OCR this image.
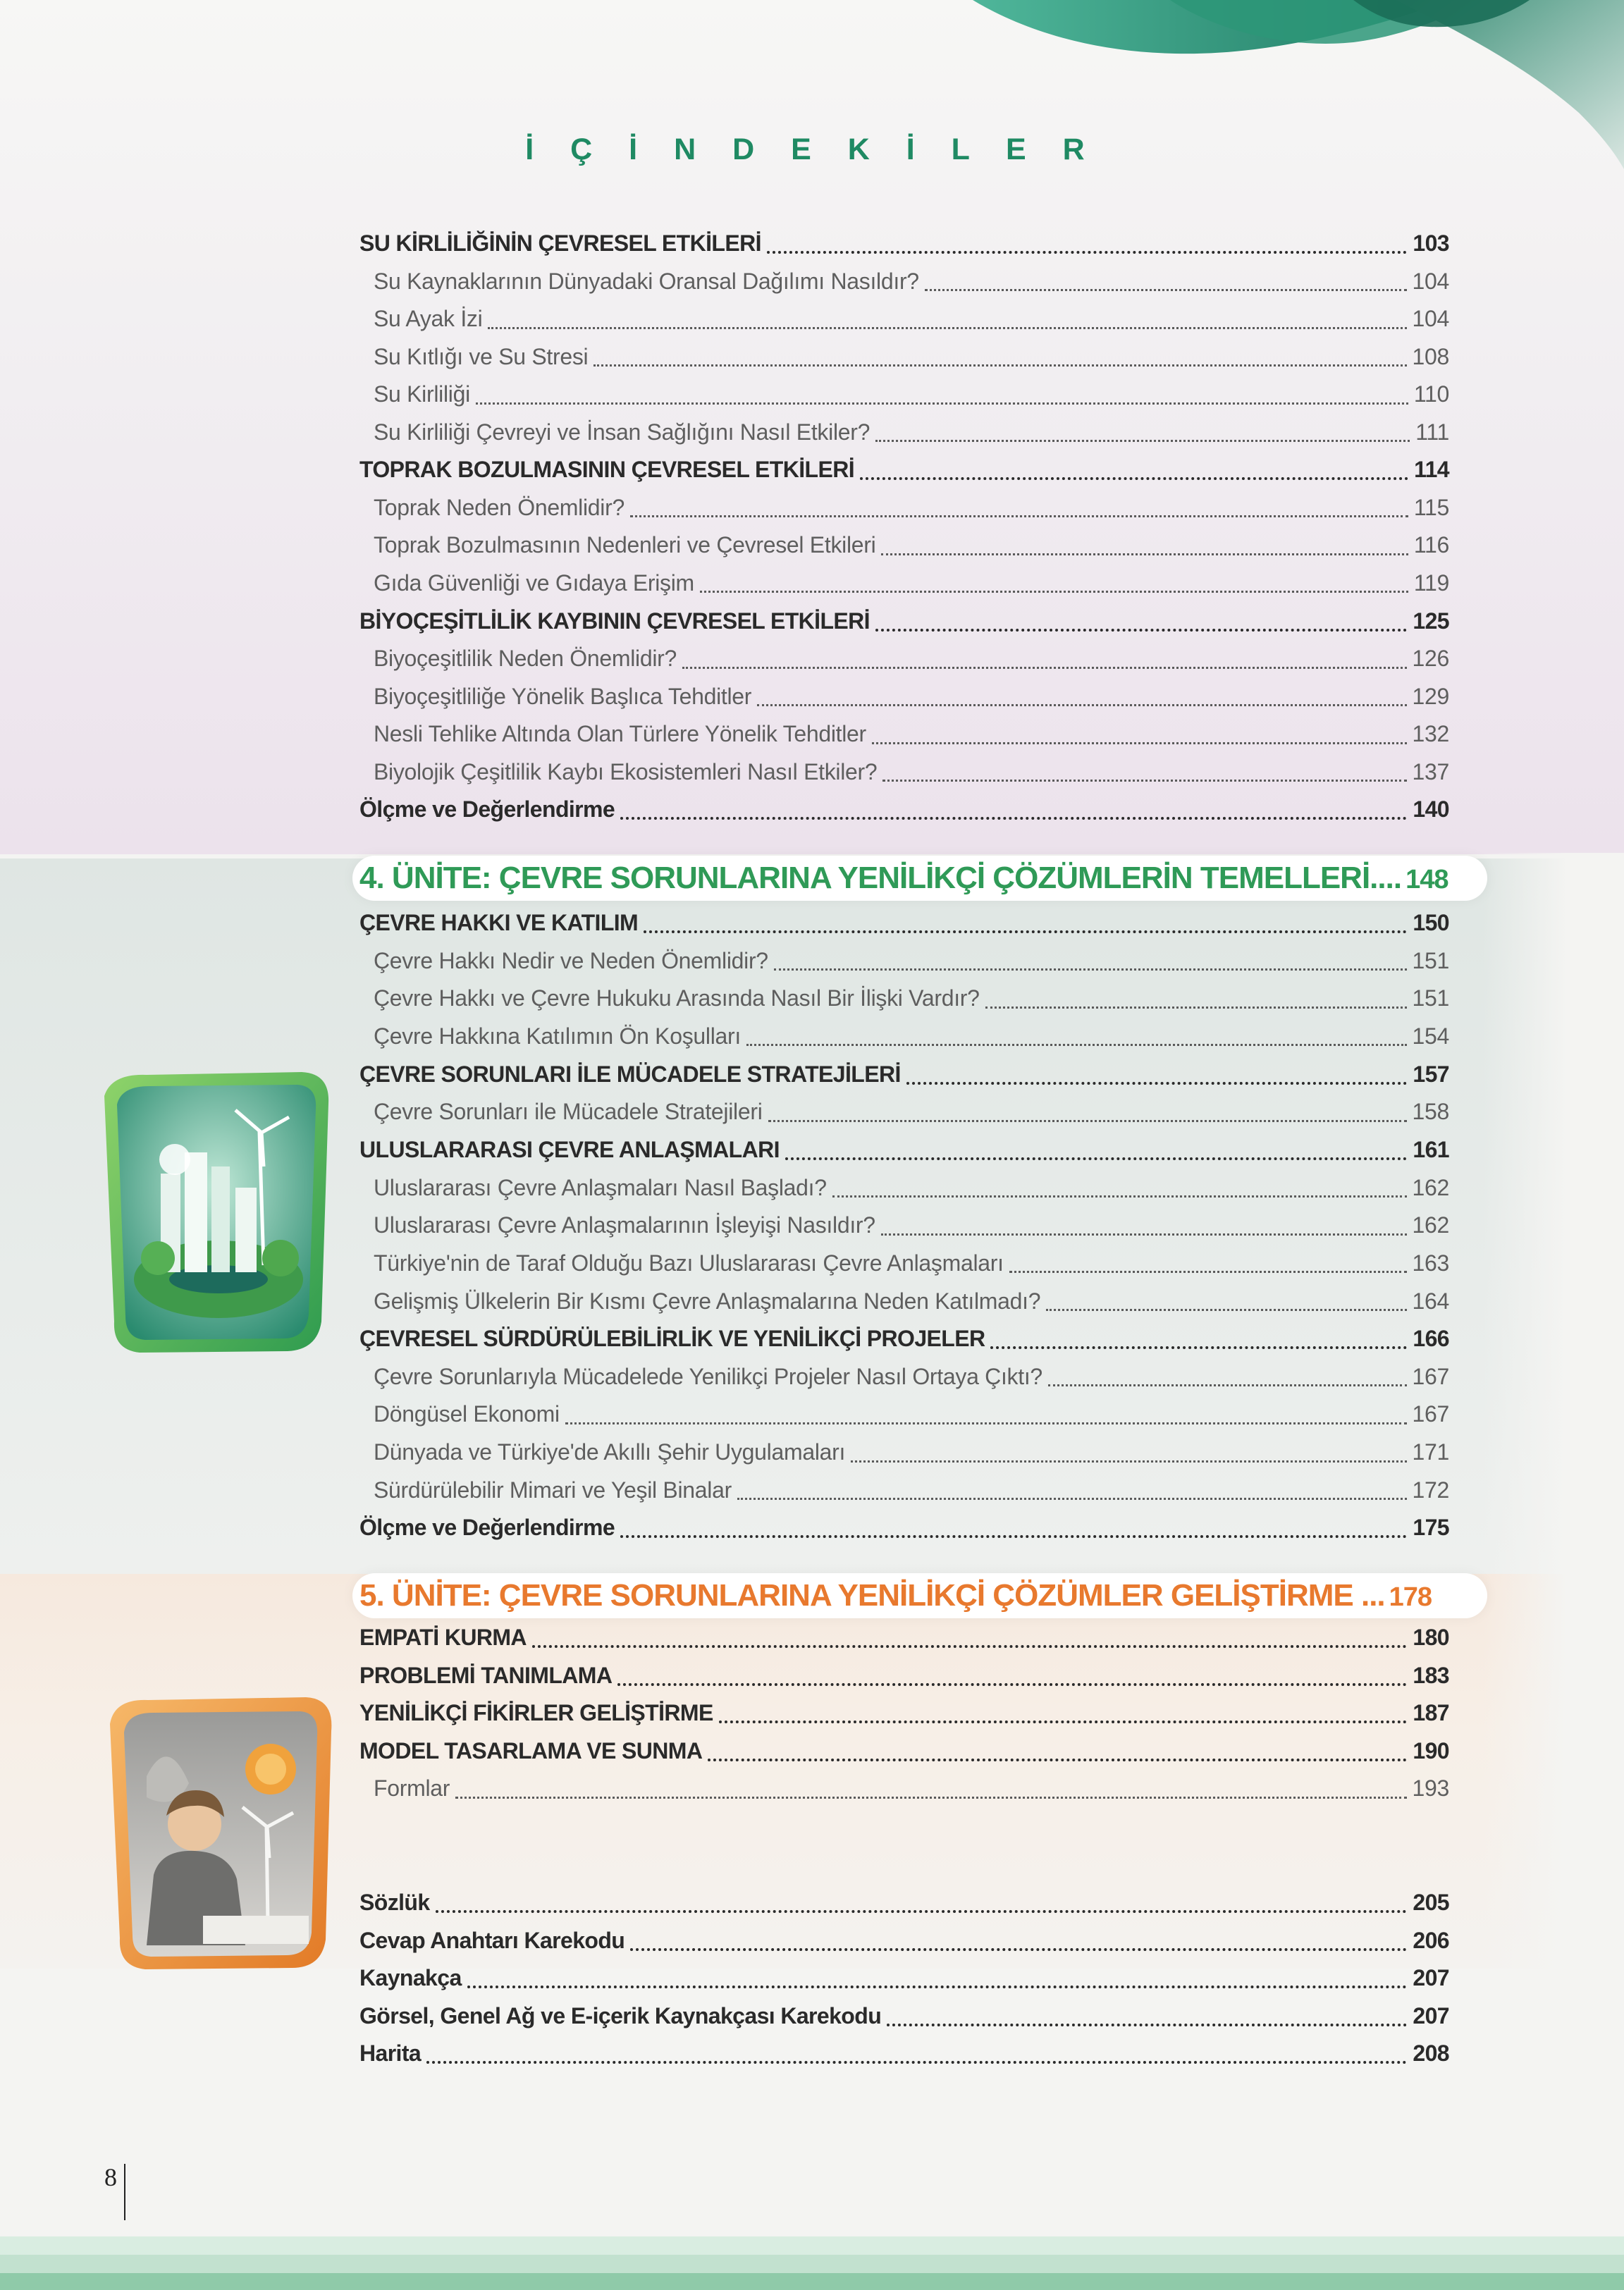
İ Ç İ N D E K İ L E R
SU KİRLİLİĞİNİN ÇEVRESEL ETKİLERİ	103
Su Kaynaklarının Dünyadaki Oransal Dağılımı Nasıldır?	104
Su Ayak İzi	104
Su Kıtlığı ve Su Stresi	108
Su Kirliliği	110
Su Kirliliği Çevreyi ve İnsan Sağlığını Nasıl Etkiler?	111
TOPRAK BOZULMASININ ÇEVRESEL ETKİLERİ	114
Toprak Neden Önemlidir?	115
Toprak Bozulmasının Nedenleri ve Çevresel Etkileri	116
Gıda Güvenliği ve Gıdaya Erişim	119
BİYOÇEŞİTLİLİK KAYBININ ÇEVRESEL ETKİLERİ	125
Biyoçeşitlilik Neden Önemlidir?	126
Biyoçeşitliliğe Yönelik Başlıca Tehditler	129
Nesli Tehlike Altında Olan Türlere Yönelik Tehditler	132
Biyolojik Çeşitlilik Kaybı Ekosistemleri Nasıl Etkiler?	137
Ölçme ve Değerlendirme	140
4. ÜNİTE: ÇEVRE SORUNLARINA YENİLİKÇİ ÇÖZÜMLERİN TEMELLERİ.... 148
ÇEVRE HAKKI VE KATILIM	150
Çevre Hakkı Nedir ve Neden Önemlidir?	151
Çevre Hakkı ve Çevre Hukuku Arasında Nasıl Bir İlişki Vardır?	151
Çevre Hakkına Katılımın Ön Koşulları	154
ÇEVRE SORUNLARI İLE MÜCADELE STRATEJİLERİ	157
Çevre Sorunları ile Mücadele Stratejileri	158
ULUSLARARASI ÇEVRE ANLAŞMALARI	161
Uluslararası Çevre Anlaşmaları Nasıl Başladı?	162
Uluslararası Çevre Anlaşmalarının İşleyişi Nasıldır?	162
Türkiye'nin de Taraf Olduğu Bazı Uluslararası Çevre Anlaşmaları	163
Gelişmiş Ülkelerin Bir Kısmı Çevre Anlaşmalarına Neden Katılmadı?	164
ÇEVRESEL SÜRDÜRÜLEBİLİRLİK VE YENİLİKÇİ PROJELER	166
Çevre Sorunlarıyla Mücadelede Yenilikçi Projeler Nasıl Ortaya Çıktı?	167
Döngüsel Ekonomi	167
Dünyada ve Türkiye'de Akıllı Şehir Uygulamaları	171
Sürdürülebilir Mimari ve Yeşil Binalar	172
Ölçme ve Değerlendirme	175
5. ÜNİTE: ÇEVRE SORUNLARINA YENİLİKÇİ ÇÖZÜMLER GELİŞTİRME ... 178
EMPATİ KURMA	180
PROBLEMİ TANIMLAMA	183
YENİLİKÇİ FİKİRLER GELİŞTİRME	187
MODEL TASARLAMA VE SUNMA	190
Formlar	193
Sözlük	205
Cevap Anahtarı Karekodu	206
Kaynakça	207
Görsel, Genel Ağ ve E-içerik Kaynakçası Karekodu	207
Harita	208
8
